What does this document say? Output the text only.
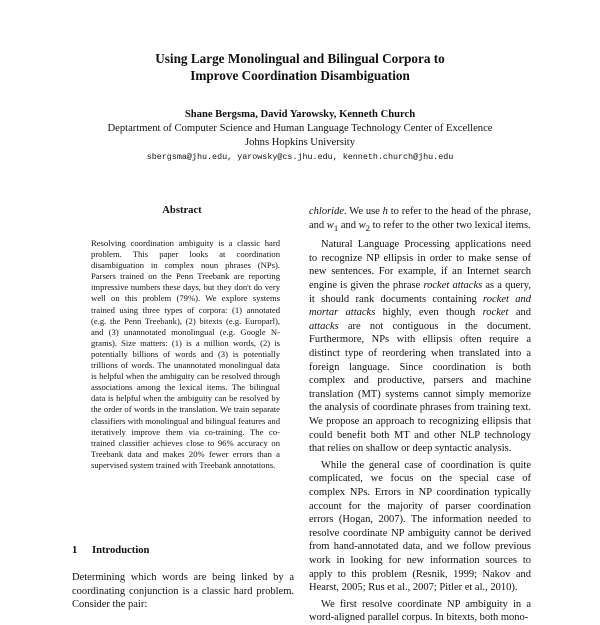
Using Large Monolingual and Bilingual Corpora to
Improve Coordination Disambiguation
Shane Bergsma, David Yarowsky, Kenneth Church
Deptartment of Computer Science and Human Language Technology Center of Excellence
Johns Hopkins University
sbergsma@jhu.edu, yarowsky@cs.jhu.edu, kenneth.church@jhu.edu
Abstract
Resolving coordination ambiguity is a classic hard problem. This paper looks at coordination disambiguation in complex noun phrases (NPs). Parsers trained on the Penn Treebank are reporting impressive numbers these days, but they don't do very well on this problem (79%). We explore systems trained using three types of corpora: (1) annotated (e.g. the Penn Treebank), (2) bitexts (e.g. Europarl), and (3) unannotated monolingual (e.g. Google N-grams). Size matters: (1) is a million words, (2) is potentially billions of words and (3) is potentially trillions of words. The unannotated monolingual data is helpful when the ambiguity can be resolved through associations among the lexical items. The bilingual data is helpful when the ambiguity can be resolved by the order of words in the translation. We train separate classifiers with monolingual and bilingual features and iteratively improve them via co-training. The co-trained classifier achieves close to 96% accuracy on Treebank data and makes 20% fewer errors than a supervised system trained with Treebank annotations.
1 Introduction
Determining which words are being linked by a coordinating conjunction is a classic hard problem. Consider the pair:

chloride. We use h to refer to the head of the phrase, and $w_1$ and $w_2$ to refer to the other two lexical items.

Natural Language Processing applications need to recognize NP ellipsis in order to make sense of new sentences. For example, if an Internet search engine is given the phrase rocket attacks as a query, it should rank documents containing rocket and mortar attacks highly, even though rocket and attacks are not contiguous in the document. Furthermore, NPs with ellipsis often require a distinct type of reordering when translated into a foreign language. Since coordination is both complex and productive, parsers and machine translation (MT) systems cannot simply memorize the analysis of coordinate phrases from training text. We propose an approach to recognizing ellipsis that could benefit both MT and other NLP technology that relies on shallow or deep syntactic analysis.

While the general case of coordination is quite complicated, we focus on the special case of complex NPs. Errors in NP coordination typically account for the majority of parser coordination errors (Hogan, 2007). The information needed to resolve coordinate NP ambiguity cannot be derived from hand-annotated data, and we follow previous work in looking for new information sources to apply to this problem (Resnik, 1999; Nakov and Hearst, 2005; Rus et al., 2007; Pitler et al., 2010).

We first resolve coordinate NP ambiguity in a word-aligned parallel corpus. In bitexts, both mono-
